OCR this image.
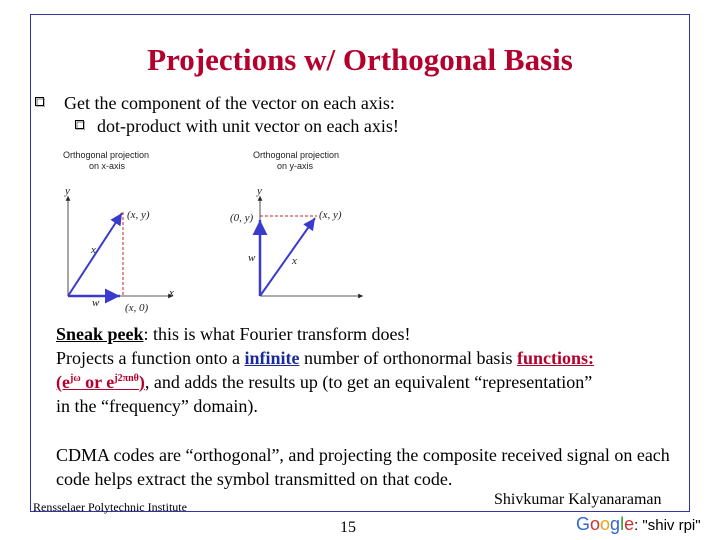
Projections w/ Orthogonal Basis
Get the component of the vector on each axis:
dot-product with unit vector on each axis!
Orthogonal projection
on x-axis
y
x
(x, y)
x
w (x, 0)
Orthogonal projection
on y-axis
y
(x, y)
(0, y)
w	x
Sneak peek: this is what Fourier transform does!
Projects a function onto a infinite number of orthonormal basis functions:
($e^{j\omega}$ or $e^{j2\pi n\theta}$), and adds the results up (to get an equivalent “representation”
in the “frequency” domain).
CDMA codes are “orthogonal”, and projecting the composite received signal on each code helps extract the symbol transmitted on that code.
Rensselaer Polytechnic Institute	Shivkumar Kalyanaraman
15	Google: "shiv rpi"
